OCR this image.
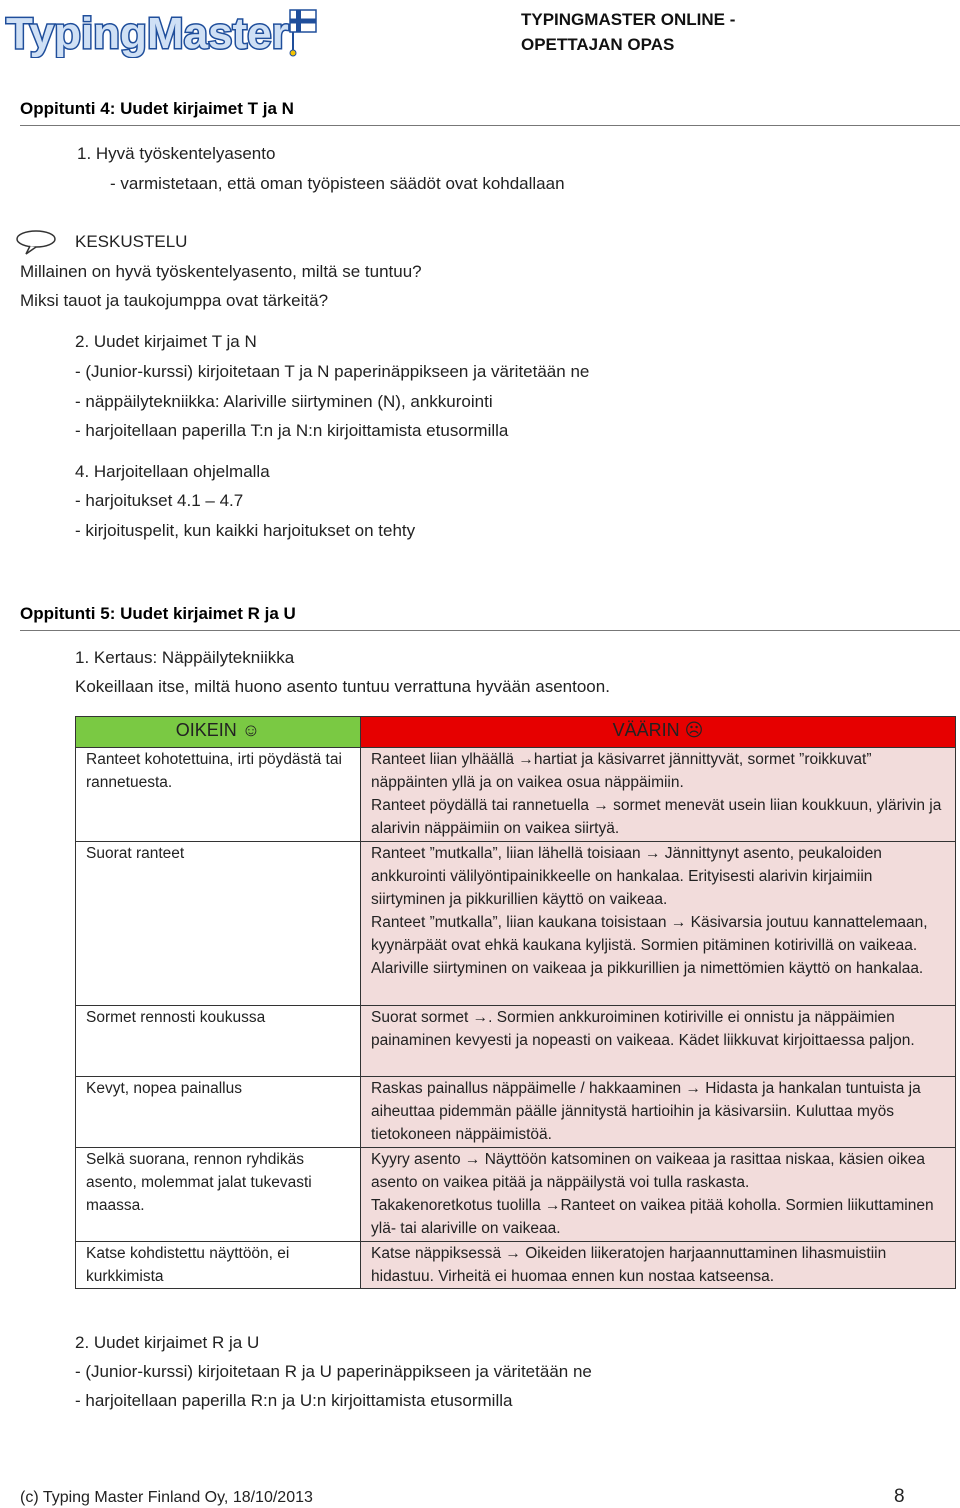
TypingMaster	TYPINGMASTER ONLINE -
OPETTAJAN OPAS
Oppitunti 4: Uudet kirjaimet T ja N
1. Hyvä työskentelyasento
- varmistetaan, että oman työpisteen säädöt ovat kohdallaan
KESKUSTELU
Millainen on hyvä työskentelyasento, miltä se tuntuu?
Miksi tauot ja taukojumppa ovat tärkeitä?
2. Uudet kirjaimet T ja N
- (Junior-kurssi) kirjoitetaan T ja N paperinäppikseen ja väritetään ne
- näppäilytekniikka: Alariville siirtyminen (N), ankkurointi
- harjoitellaan paperilla T:n ja N:n kirjoittamista etusormilla
4. Harjoitellaan ohjelmalla
- harjoitukset 4.1 – 4.7
- kirjoituspelit, kun kaikki harjoitukset on tehty
Oppitunti 5: Uudet kirjaimet R ja U
1. Kertaus: Näppäilytekniikka
Kokeillaan itse, miltä huono asento tuntuu verrattuna hyvään asentoon.
OIKEIN ☺	VÄÄRIN ☹
Ranteet kohotettuina, irti pöydästä tai rannetuesta.	Ranteet liian ylhäällä →hartiat ja käsivarret jännittyvät, sormet ”roikkuvat” näppäinten yllä ja on vaikea osua näppäimiin.
Ranteet pöydällä tai rannetuella → sormet menevät usein liian koukkuun, ylärivin ja alarivin näppäimiin on vaikea siirtyä.

Suorat ranteet	Ranteet ”mutkalla”, liian lähellä toisiaan → Jännittynyt asento, peukaloiden ankkurointi välilyöntipainikkeelle on hankalaa. Erityisesti alarivin kirjaimiin siirtyminen ja pikkurillien käyttö on vaikeaa.
Ranteet ”mutkalla”, liian kaukana toisistaan → Käsivarsia joutuu kannattelemaan, kyynärpäät ovat ehkä kaukana kyljistä. Sormien pitäminen kotirivillä on vaikeaa. Alariville siirtyminen on vaikeaa ja pikkurillien ja nimettömien käyttö on hankalaa.

Sormet rennosti koukussa	Suorat sormet →. Sormien ankkuroiminen kotiriville ei onnistu ja näppäimien painaminen kevyesti ja nopeasti on vaikeaa. Kädet liikkuvat kirjoittaessa paljon.

Kevyt, nopea painallus	Raskas painallus näppäimelle / hakkaaminen → Hidasta ja hankalan tuntuista ja aiheuttaa pidemmän päälle jännitystä hartioihin ja käsivarsiin. Kuluttaa myös tietokoneen näppäimistöä.

Selkä suorana, rennon ryhdikäs asento, molemmat jalat tukevasti maassa.	Kyyry asento → Näyttöön katsominen on vaikeaa ja rasittaa niskaa, käsien oikea asento on vaikea pitää ja näppäilystä voi tulla raskasta.
Takakenoretkotus tuolilla →Ranteet on vaikea pitää koholla. Sormien liikuttaminen ylä- tai alariville on vaikeaa.

Katse kohdistettu näyttöön, ei kurkkimista	Katse näppiksessä → Oikeiden liikeratojen harjaannuttaminen lihasmuistiin hidastuu. Virheitä ei huomaa ennen kun nostaa katseensa.
2. Uudet kirjaimet R ja U
- (Junior-kurssi) kirjoitetaan R ja U paperinäppikseen ja väritetään ne
- harjoitellaan paperilla R:n ja U:n kirjoittamista etusormilla
(c) Typing Master Finland Oy, 18/10/2013	8
